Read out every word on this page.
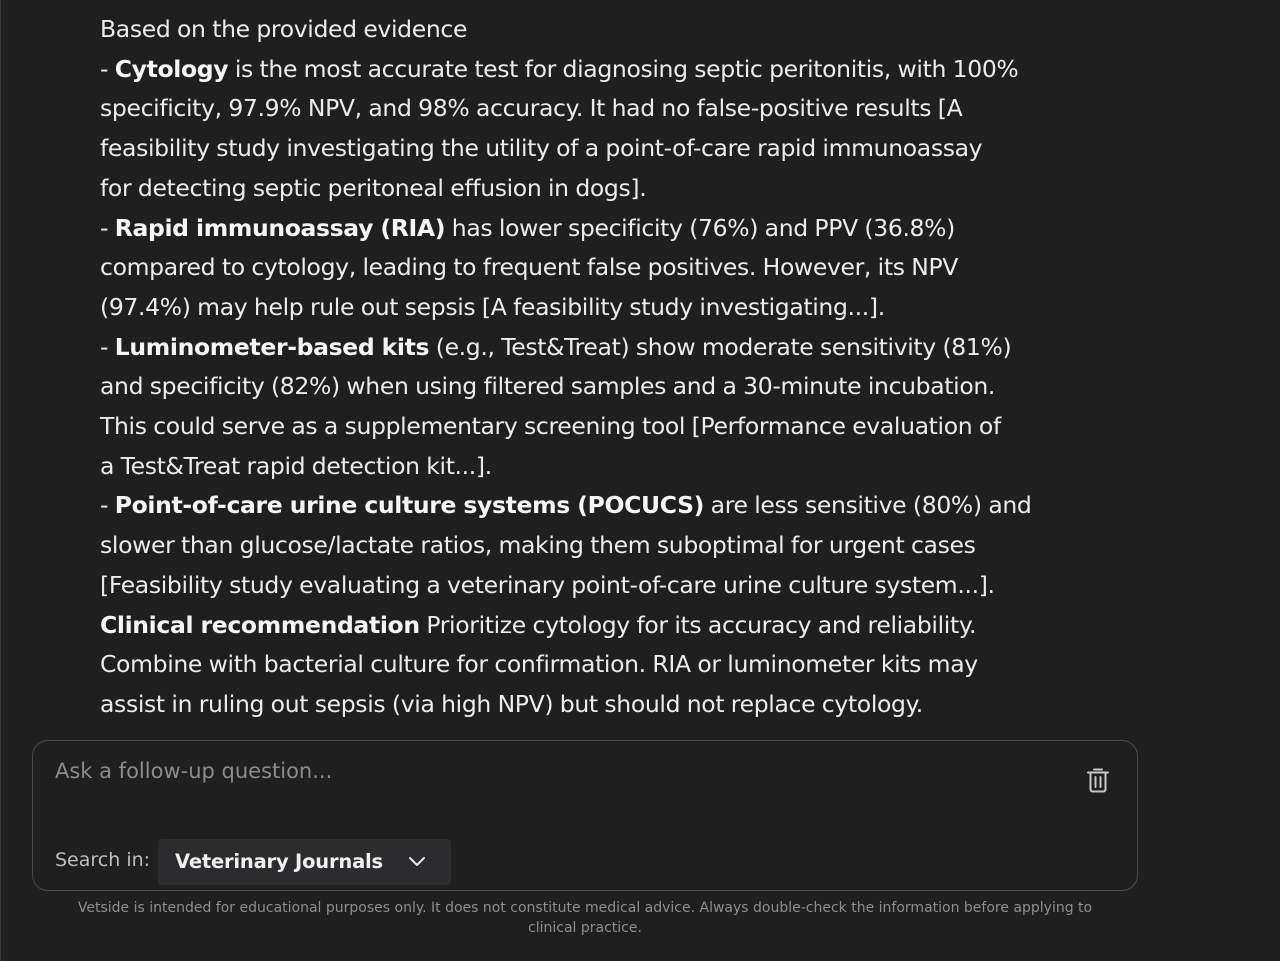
Based on the provided evidence

- Cytology is the most accurate test for diagnosing septic peritonitis, with 100%

specificity, 97.9% NPV, and 98% accuracy. It had no false-positive results [A

feasibility study investigating the utility of a point-of-care rapid immunoassay

for detecting septic peritoneal effusion in dogs].

- Rapid immunoassay (RIA) has lower specificity (76%) and PPV (36.8%)

compared to cytology, leading to frequent false positives. However, its NPV

(97.4%) may help rule out sepsis [A feasibility study investigating...].

- Luminometer-based kits (e.g., Test&Treat) show moderate sensitivity (81%)

and specificity (82%) when using filtered samples and a 30-minute incubation.

This could serve as a supplementary screening tool [Performance evaluation of

a Test&Treat rapid detection kit...].

- Point-of-care urine culture systems (POCUCS) are less sensitive (80%) and

slower than glucose/lactate ratios, making them suboptimal for urgent cases

[Feasibility study evaluating a veterinary point-of-care urine culture system...].

Clinical recommendation Prioritize cytology for its accuracy and reliability.

Combine with bacterial culture for confirmation. RIA or luminometer kits may

assist in ruling out sepsis (via high NPV) but should not replace cytology.

Ask a follow-up question...
Search in: Veterinary Journals
Vetside is intended for educational purposes only. It does not constitute medical advice. Always double-check the information before applying to clinical practice.
